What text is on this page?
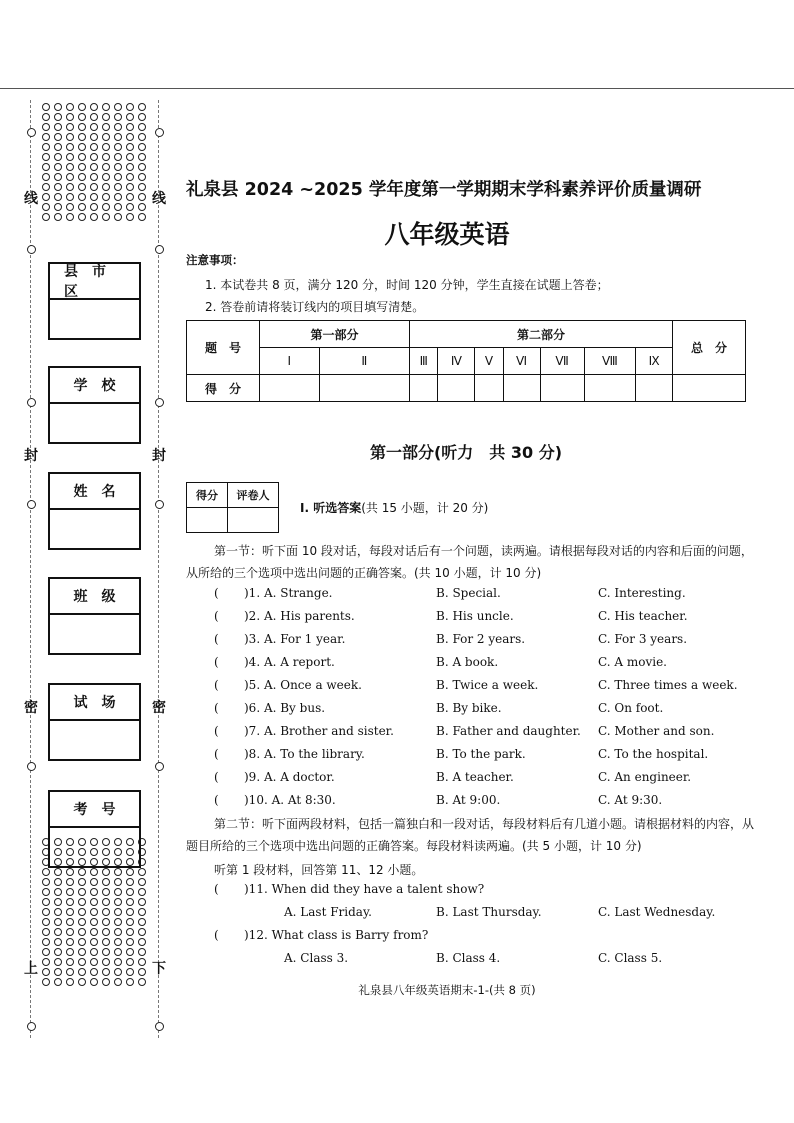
线
封
密
上
线
封
密
下
县市区
学校
姓名
班级
试场
考号
礼泉县 2024 ~2025 学年度第一学期期末学科素养评价质量调研
八年级英语
注意事项：
1. 本试卷共 8 页，满分 120 分，时间 120 分钟，学生直接在试题上答卷；
2. 答卷前请将装订线内的项目填写清楚。
题　号	第一部分		第二部分							总　分
	Ⅰ	Ⅱ	Ⅲ	Ⅳ	Ⅴ	Ⅵ	Ⅶ	Ⅷ	Ⅸ	
得　分										
第一部分(听力　共 30 分)
得分	评卷人

Ⅰ. 听选答案(共 15 小题，计 20 分)
第一节：听下面 10 段对话，每段对话后有一个问题，读两遍。请根据每段对话的内容和后面的问题，从所给的三个选项中选出问题的正确答案。(共 10 小题，计 10 分)
( )1. A. Strange.	B. Special.	C. Interesting.
( )2. A. His parents.	B. His uncle.	C. His teacher.
( )3. A. For 1 year.	B. For 2 years.	C. For 3 years.
( )4. A. A report.	B. A book.	C. A movie.
( )5. A. Once a week.	B. Twice a week.	C. Three times a week.
( )6. A. By bus.	B. By bike.	C. On foot.
( )7. A. Brother and sister.	B. Father and daughter. C. Mother and son.
( )8. A. To the library.	B. To the park.	C. To the hospital.
( )9. A. A doctor.	B. A teacher.	C. An engineer.
( )10. A. At 8:30.	B. At 9:00.	C. At 9:30.
第二节：听下面两段材料，包括一篇独白和一段对话，每段材料后有几道小题。请根据材料的内容，从题目所给的三个选项中选出问题的正确答案。每段材料读两遍。(共 5 小题，计 10 分)
听第 1 段材料，回答第 11、12 小题。
( )11. When did they have a talent show?
A. Last Friday.	B. Last Thursday.	C. Last Wednesday.
( )12. What class is Barry from?
A. Class 3.	B. Class 4.	C. Class 5.
礼泉县八年级英语期末-1-(共 8 页)
